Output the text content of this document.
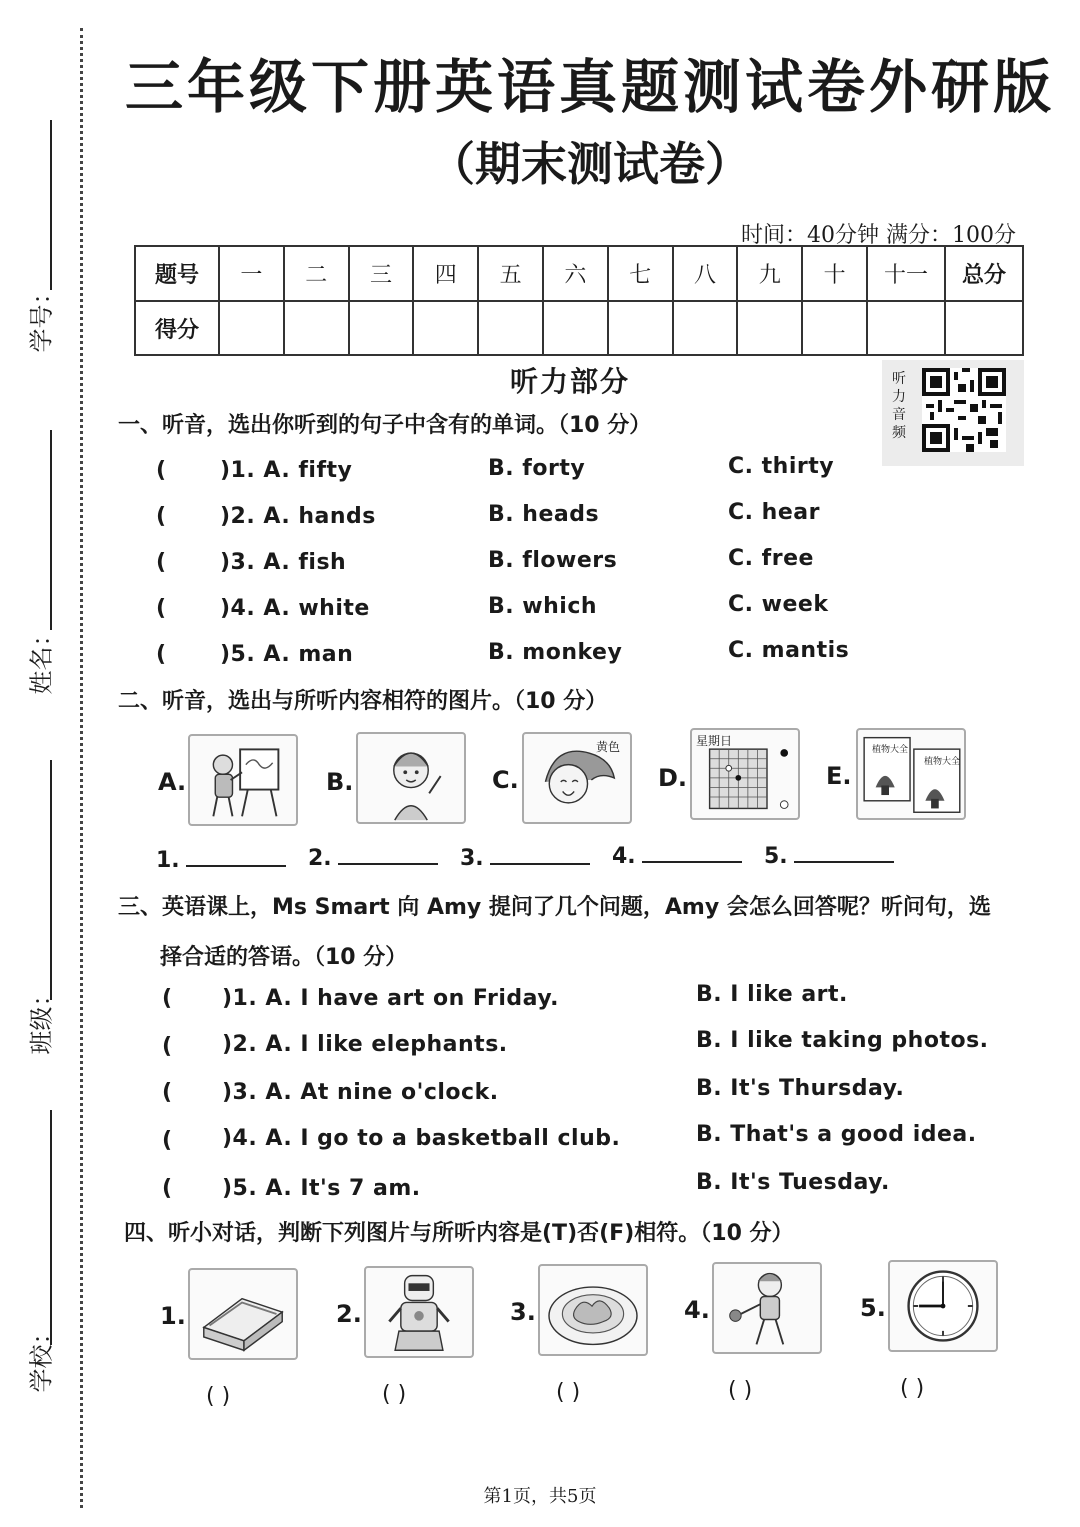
学号：
姓名：
班级：
学校：
三年级下册英语真题测试卷外研版
（期末测试卷）
时间：40分钟 满分：100分
题号	一	二	三	四	五	六	七	八	九	十	十一	总分
得分												
听力部分	听力音频
一、听音，选出你听到的句子中含有的单词。（10 分）
( )1. A. fifty	B. forty	C. thirty
( )2. A. hands	B. heads	C. hear
( )3. A. fish	B. flowers	C. free
( )4. A. white	B. which	C. week
( )5. A. man	B. monkey	C. mantis
二、听音，选出与所听内容相符的图片。（10 分）
A.	B.	C.
黄色
D.
星期日
E.
植物大全
植物大全
1.	2.	3.	4.	5.
三、英语课上，Ms Smart 向 Amy 提问了几个问题，Amy 会怎么回答呢？听问句，选
择合适的答语。（10 分）
( )1. A. I have art on Friday.	B. I like art.
( )2. A. I like elephants.	B. I like taking photos.
( )3. A. At nine o'clock.	B. It's Thursday.
( )4. A. I go to a basketball club.	B. That's a good idea.
( )5. A. It's 7 am.	B. It's Tuesday.
四、听小对话，判断下列图片与所听内容是(T)否(F)相符。（10 分）
1.	2.	3.	4.	5.
( )	( )	( )	( )	( )
第1页，共5页
